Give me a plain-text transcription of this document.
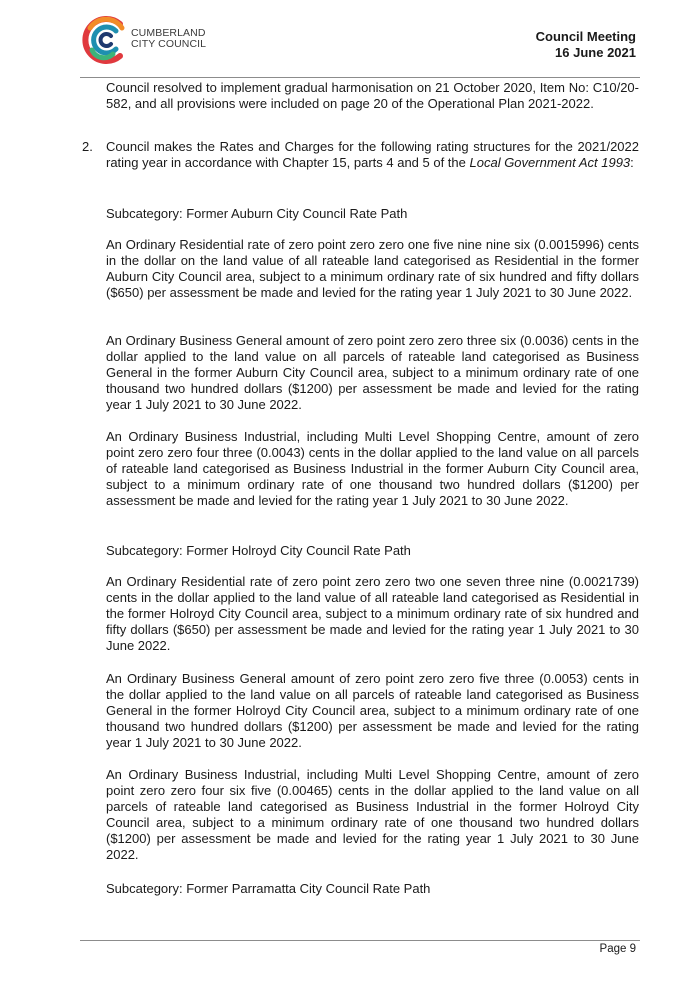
CUMBERLAND
CITY COUNCIL	Council Meeting
16 June 2021

Council resolved to implement gradual harmonisation on 21 October 2020, Item No: C10/20-582, and all provisions were included on page 20 of the Operational Plan 2021-2022.

2. Council makes the Rates and Charges for the following rating structures for the 2021/2022 rating year in accordance with Chapter 15, parts 4 and 5 of the Local Government Act 1993:

Subcategory: Former Auburn City Council Rate Path

An Ordinary Residential rate of zero point zero zero one five nine nine six (0.0015996) cents in the dollar on the land value of all rateable land categorised as Residential in the former Auburn City Council area, subject to a minimum ordinary rate of six hundred and fifty dollars ($650) per assessment be made and levied for the rating year 1 July 2021 to 30 June 2022.

An Ordinary Business General amount of zero point zero zero three six (0.0036) cents in the dollar applied to the land value on all parcels of rateable land categorised as Business General in the former Auburn City Council area, subject to a minimum ordinary rate of one thousand two hundred dollars ($1200) per assessment be made and levied for the rating year 1 July 2021 to 30 June 2022.

An Ordinary Business Industrial, including Multi Level Shopping Centre, amount of zero point zero zero four three (0.0043) cents in the dollar applied to the land value on all parcels of rateable land categorised as Business Industrial in the former Auburn City Council area, subject to a minimum ordinary rate of one thousand two hundred dollars ($1200) per assessment be made and levied for the rating year 1 July 2021 to 30 June 2022.

Subcategory: Former Holroyd City Council Rate Path

An Ordinary Residential rate of zero point zero zero two one seven three nine (0.0021739) cents in the dollar applied to the land value of all rateable land categorised as Residential in the former Holroyd City Council area, subject to a minimum ordinary rate of six hundred and fifty dollars ($650) per assessment be made and levied for the rating year 1 July 2021 to 30 June 2022.

An Ordinary Business General amount of zero point zero zero five three (0.0053) cents in the dollar applied to the land value on all parcels of rateable land categorised as Business General in the former Holroyd City Council area, subject to a minimum ordinary rate of one thousand two hundred dollars ($1200) per assessment be made and levied for the rating year 1 July 2021 to 30 June 2022.

An Ordinary Business Industrial, including Multi Level Shopping Centre, amount of zero point zero zero four six five (0.00465) cents in the dollar applied to the land value on all parcels of rateable land categorised as Business Industrial in the former Holroyd City Council area, subject to a minimum ordinary rate of one thousand two hundred dollars ($1200) per assessment be made and levied for the rating year 1 July 2021 to 30 June 2022.

Subcategory: Former Parramatta City Council Rate Path

Page 9
